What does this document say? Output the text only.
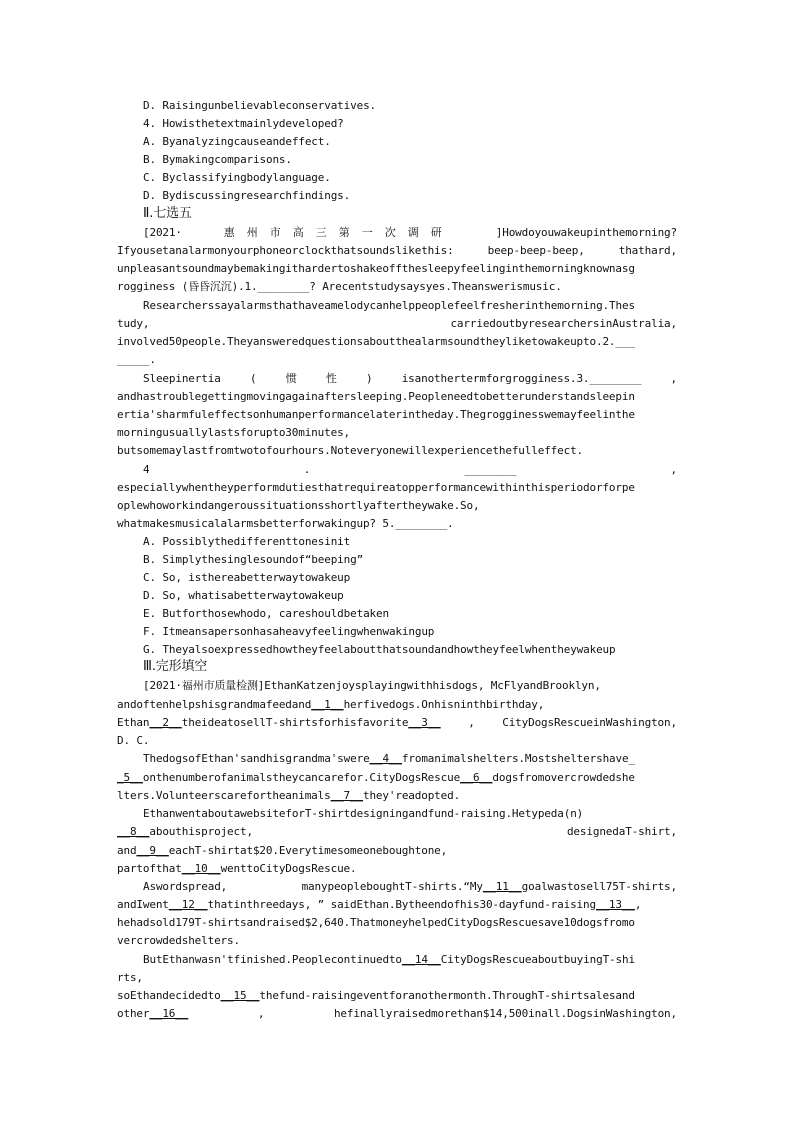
D. Raisingunbelievableconservatives.
4. Howisthetextmainlydeveloped?
A. Byanalyzingcauseandeffect.
B. Bymakingcomparisons.
C. Byclassifyingbodylanguage.
D. Bydiscussingresearchfindings.
Ⅱ.七选五
[2021·	惠州市高三第一次调研	]Howdoyouwakeupinthemorning?
Ifyousetanalarmonyourphoneorclockthatsoundslikethis:	beep-beep-beep,	thathard,
unpleasantsoundmaybemakingithardertoshakeoffthesleepyfeelinginthemorningknownasg
rogginess (昏昏沉沉).1.________? Arecentstudysaysyes.Theanswerismusic.
Researcherssayalarmsthathaveamelodycanhelppeoplefeelfresherinthemorning.Thes
tudy,	carriedoutbyresearchersinAustralia,
involved50people.Theyansweredquestionsaboutthealarmsoundtheyliketowakeupto.2.___
_____.
Sleepinertia	(	惯	性	)	isanothertermforgrogginess.3.________	,
andhastroublegettingmovingagainaftersleeping.Peopleneedtobetterunderstandsleepin
ertia'sharmfuleffectsonhumanperformancelaterintheday.Thegrogginesswemayfeelinthe
morningusuallylastsforupto30minutes,
butsomemaylastfromtwotofourhours.Noteveryonewillexperiencethefulleffect.
4	.	________	,
especiallywhentheyperformdutiesthatrequireatopperformancewithinthisperiodorforpe
oplewhoworkindangeroussituationsshortlyaftertheywake.So,
whatmakesmusicalalarmsbetterforwakingup? 5.________.
A. Possiblythedifferenttonesinit
B. Simplythesinglesoundof“beeping”
C. So, isthereabetterwaytowakeup
D. So, whatisabetterwaytowakeup
E. Butforthosewhodo, careshouldbetaken
F. Itmeansapersonhasaheavyfeelingwhenwakingup
G. Theyalsoexpressedhowtheyfeelaboutthatsoundandhowtheyfeelwhentheywakeup
Ⅲ.完形填空
[2021·福州市质量检测]EthanKatzenjoysplayingwithhisdogs, McFlyandBrooklyn,
andoftenhelpshisgrandmafeedand__1__herfivedogs.Onhisninthbirthday,
Ethan__2__theideatosellT-shirtsforhisfavorite__3__	,	CityDogsRescueinWashington,
D. C.
ThedogsofEthan'sandhisgrandma'swere__4__fromanimalshelters.Mostsheltershave_
_5__onthenumberofanimalstheycancarefor.CityDogsRescue__6__dogsfromovercrowdedshe
lters.Volunteerscarefortheanimals__7__they'readopted.
EthanwentaboutawebsiteforT-shirtdesigningandfund-raising.Hetypeda(n)
__8__abouthisproject,	designedaT-shirt,
and__9__eachT-shirtat$20.Everytimesomeoneboughtone,
partofthat__10__wenttoCityDogsRescue.
Aswordspread,	manypeopleboughtT-shirts.“My__11__goalwastosell75T-shirts,
andIwent__12__thatinthreedays, ” saidEthan.Bytheendofhis30-dayfund-raising__13__,
hehadsold179T-shirtsandraised$2,640.ThatmoneyhelpedCityDogsRescuesave10dogsfromo
vercrowdedshelters.
ButEthanwasn'tfinished.Peoplecontinuedto__14__CityDogsRescueaboutbuyingT-shi
rts,
soEthandecidedto__15__thefund-raisingeventforanothermonth.ThroughT-shirtsalesand
other__16__	,	hefinallyraisedmorethan$14,500inall.DogsinWashington,
